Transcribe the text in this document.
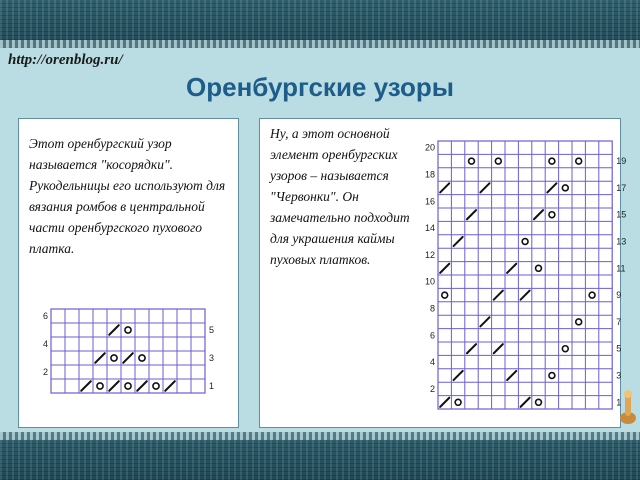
http://orenblog.ru/
Оренбургские узоры
Этот оренбургский узор называется "косорядки". Рукодельницы его используют для вязания ромбов в центральной части оренбургского пухового платка.
2
4
6
1
3
5
Ну, а этот основной элемент оренбургских узоров – называется "Червонки". Он замечательно подходит для украшения каймы пуховых платков.
2
4
6
8
10
12
14
16
18
20
1
3
5
7
9
11
13
15
17
19
